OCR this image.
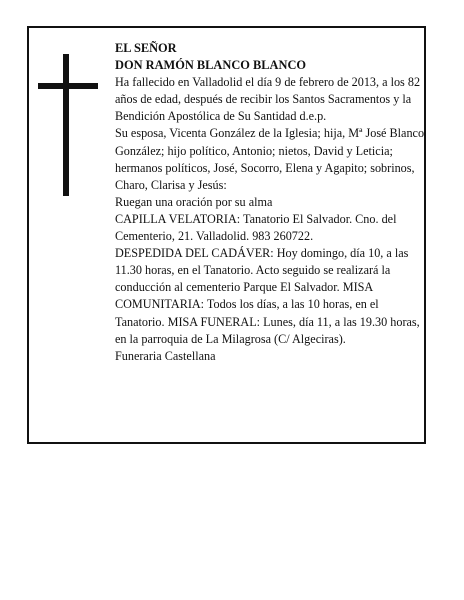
EL SEÑOR

DON RAMÓN BLANCO BLANCO

Ha fallecido en Valladolid el día 9 de febrero de 2013, a los 82 años de edad, después de recibir los Santos Sacramentos y la Bendición Apostólica de Su Santidad d.e.p.

Su esposa, Vicenta González de la Iglesia; hija, Mª José Blanco González; hijo político, Antonio; nietos, David y Leticia; hermanos políticos, José, Socorro, Elena y Agapito; sobrinos, Charo, Clarisa y Jesús:

Ruegan una oración por su alma

CAPILLA VELATORIA: Tanatorio El Salvador. Cno. del Cementerio, 21. Valladolid. 983 260722.

DESPEDIDA DEL CADÁVER: Hoy domingo, día 10, a las 11.30 horas, en el Tanatorio. Acto seguido se realizará la conducción al cementerio Parque El Salvador. MISA COMUNITARIA: Todos los días, a las 10 horas, en el Tanatorio. MISA FUNERAL: Lunes, día 11, a las 19.30 horas, en la parroquia de La Milagrosa (C/ Algeciras).

Funeraria Castellana
